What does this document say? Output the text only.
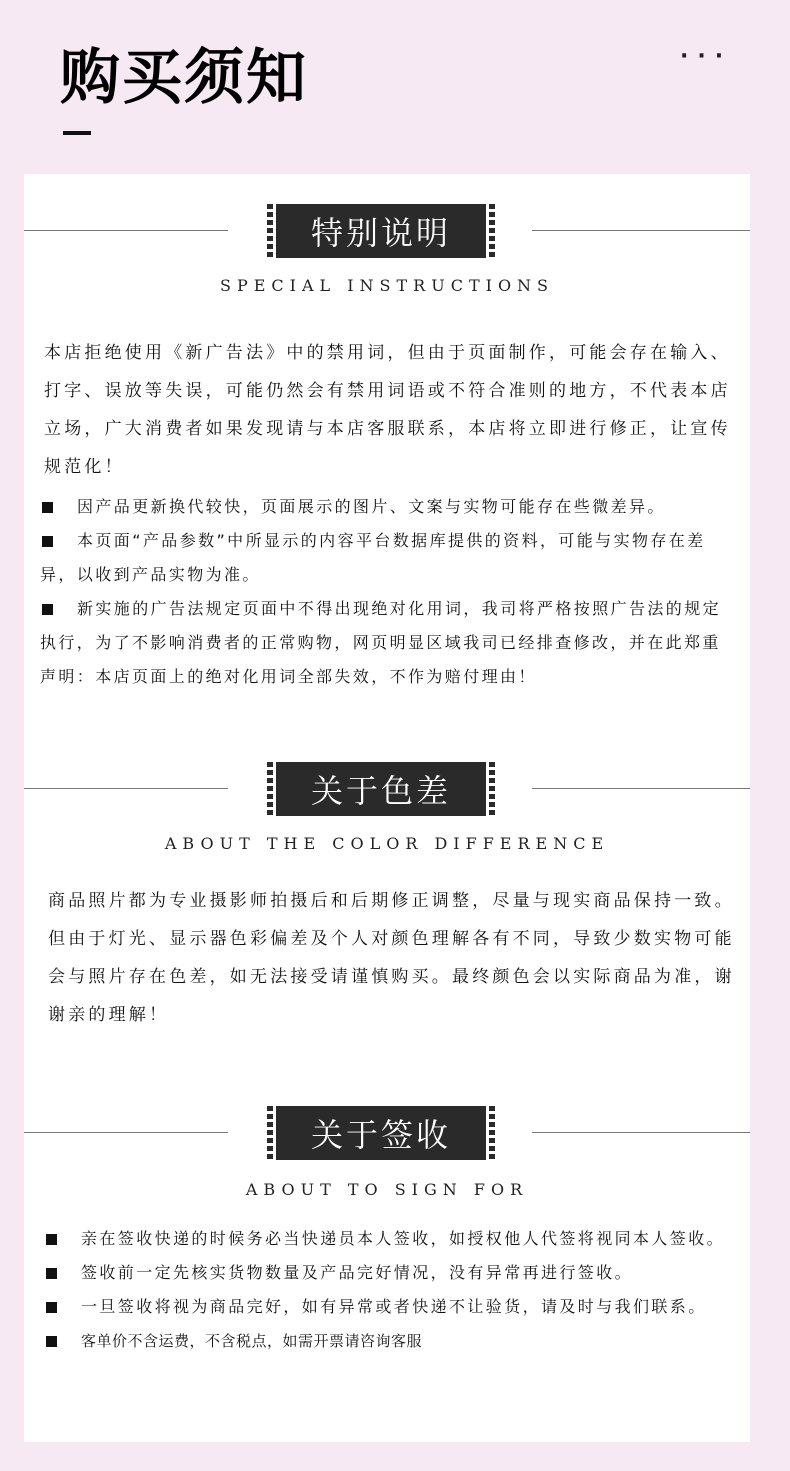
购买须知	···
特别说明
SPECIAL INSTRUCTIONS

本店拒绝使用《新广告法》中的禁用词，但由于页面制作，可能会存在输入、打字、误放等失误，可能仍然会有禁用词语或不符合准则的地方，不代表本店立场，广大消费者如果发现请与本店客服联系，本店将立即进行修正，让宣传规范化！

因产品更新换代较快，页面展示的图片、文案与实物可能存在些微差异。
本页面“产品参数”中所显示的内容平台数据库提供的资料，可能与实物存在差异，以收到产品实物为准。
新实施的广告法规定页面中不得出现绝对化用词，我司将严格按照广告法的规定执行，为了不影响消费者的正常购物，网页明显区域我司已经排查修改，并在此郑重声明：本店页面上的绝对化用词全部失效，不作为赔付理由！
关于色差
ABOUT THE COLOR DIFFERENCE

商品照片都为专业摄影师拍摄后和后期修正调整，尽量与现实商品保持一致。但由于灯光、显示器色彩偏差及个人对颜色理解各有不同，导致少数实物可能会与照片存在色差，如无法接受请谨慎购买。最终颜色会以实际商品为准，谢谢亲的理解！

关于签收
ABOUT TO SIGN FOR
亲在签收快递的时候务必当快递员本人签收，如授权他人代签将视同本人签收。
签收前一定先核实货物数量及产品完好情况，没有异常再进行签收。
一旦签收将视为商品完好，如有异常或者快递不让验货，请及时与我们联系。
客单价不含运费，不含税点，如需开票请咨询客服
